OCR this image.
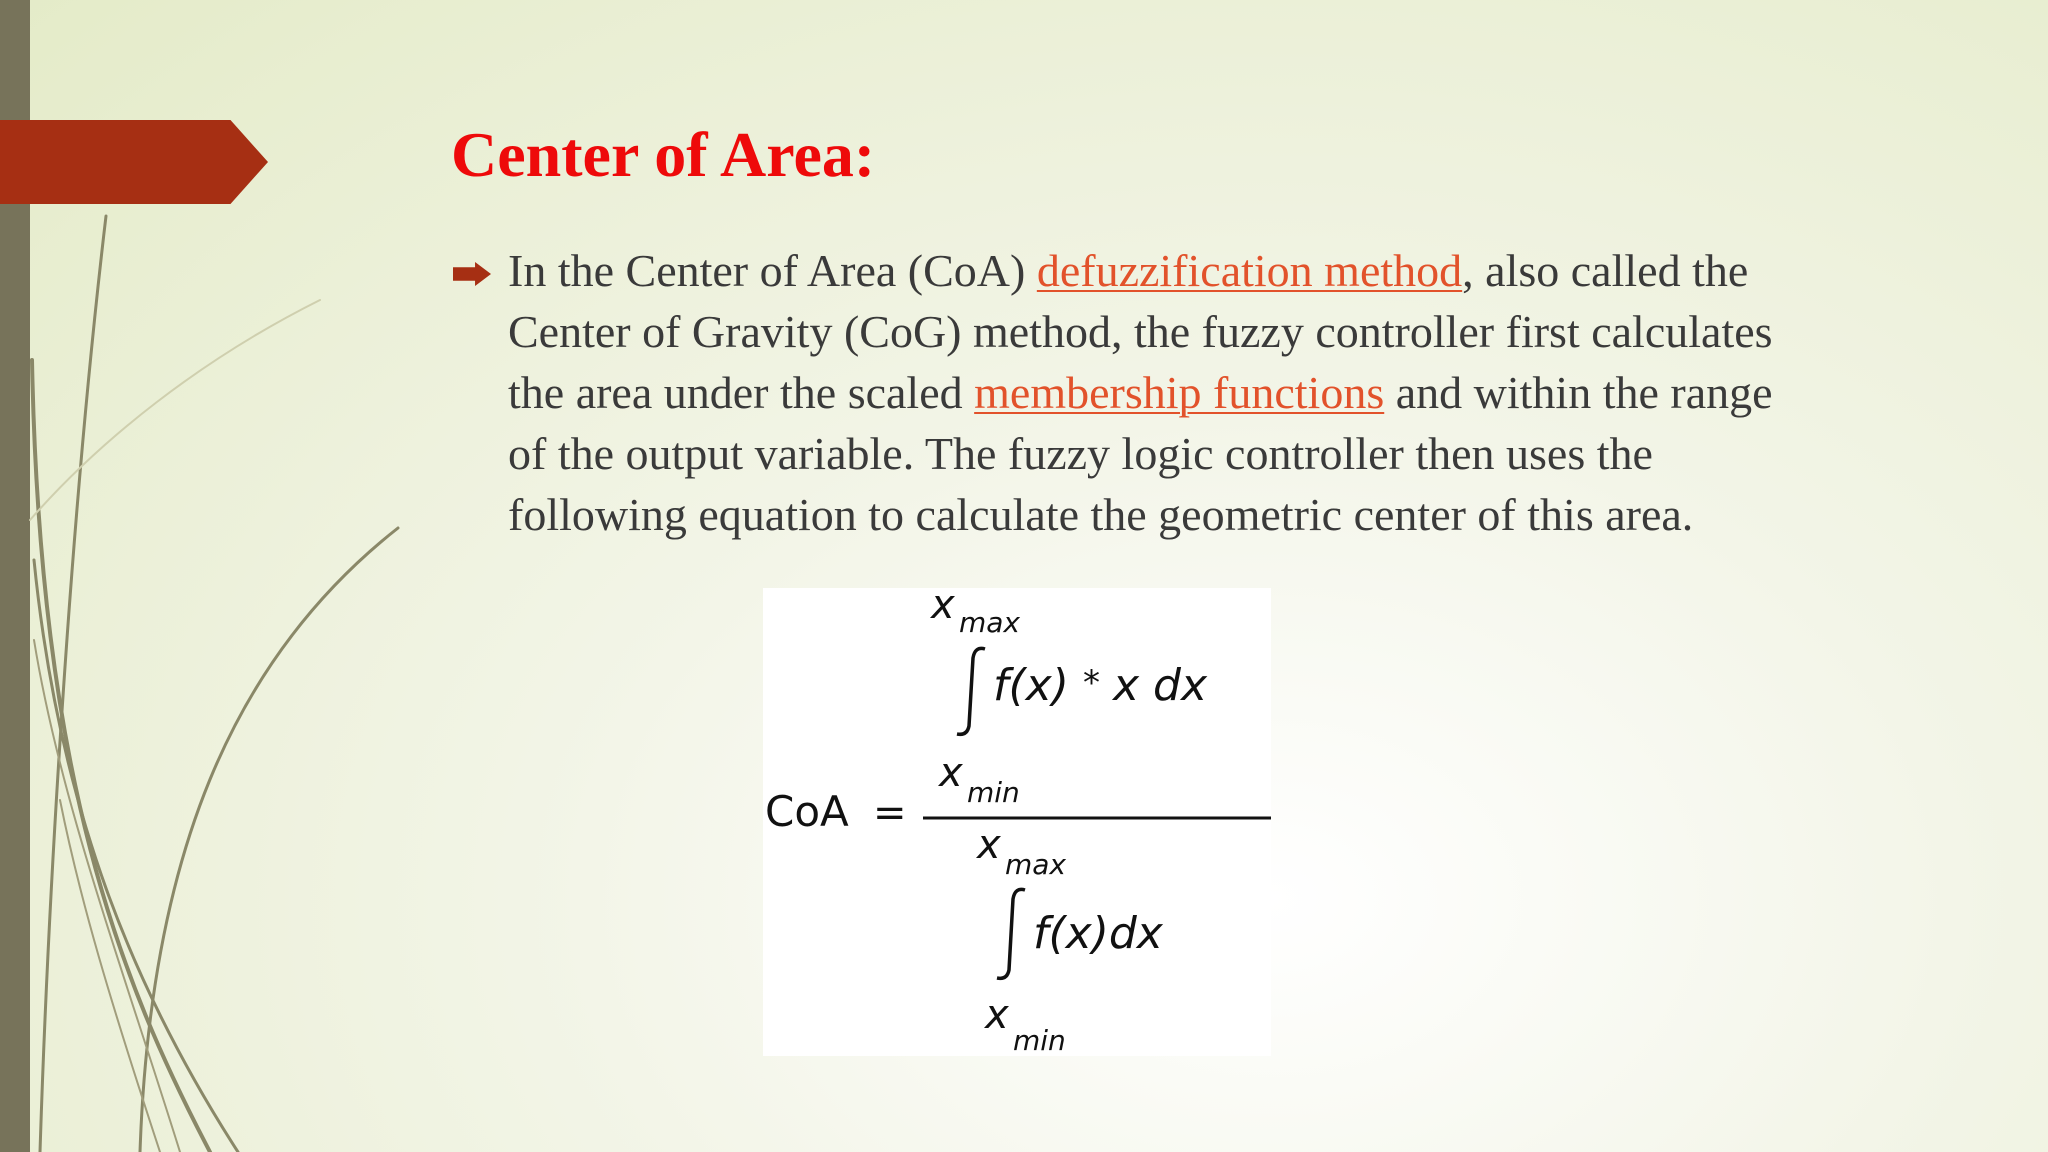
Center of Area:

In the Center of Area (CoA) defuzzification method, also called the
Center of Gravity (CoG) method, the fuzzy controller first calculates
the area under the scaled membership functions and within the range
of the output variable. The fuzzy logic controller then uses the
following equation to calculate the geometric center of this area.

x max
f(x) * x dx
x min
CoA =
x max
f(x)dx
x
min
